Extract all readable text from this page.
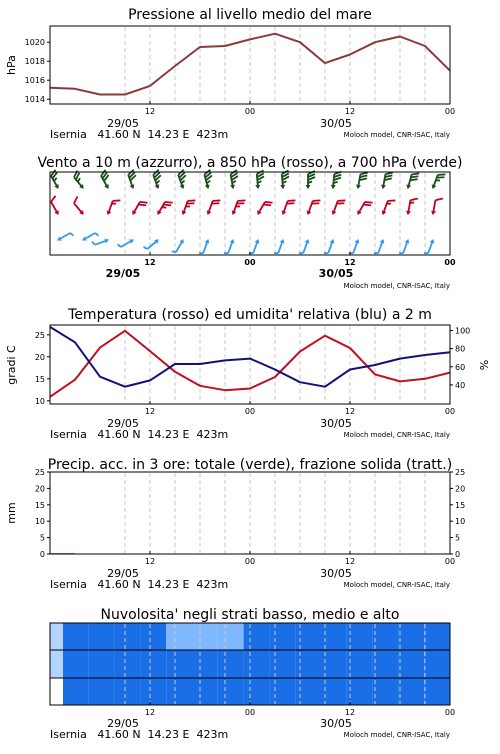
Pressione al livello medio del mare
hPa
1014
1016
1018
1020
12	00	12	00
29/05	30/05
Isernia   41.60 N  14.23 E  423m	Moloch model, CNR-ISAC, Italy
Vento a 10 m (azzurro), a 850 hPa (rosso), a 700 hPa (verde)
12	00	12	00
29/05	30/05
Moloch model, CNR-ISAC, Italy
Temperatura (rosso) ed umidita' relativa (blu) a 2 m
gradi C	%
10
15
20
25
40
60
80
100
12	00	12	00
29/05	30/05
Isernia   41.60 N  14.23 E  423m	Moloch model, CNR-ISAC, Italy
Precip. acc. in 3 ore: totale (verde), frazione solida (tratt.)
mm
0
5
10
15
20
25
0
5
10
15
20
25
12	00	12	00
29/05	30/05
Isernia   41.60 N  14.23 E  423m	Moloch model, CNR-ISAC, Italy
Nuvolosita' negli strati basso, medio e alto
12	00	12	00
29/05	30/05
Isernia   41.60 N  14.23 E  423m	Moloch model, CNR-ISAC, Italy
